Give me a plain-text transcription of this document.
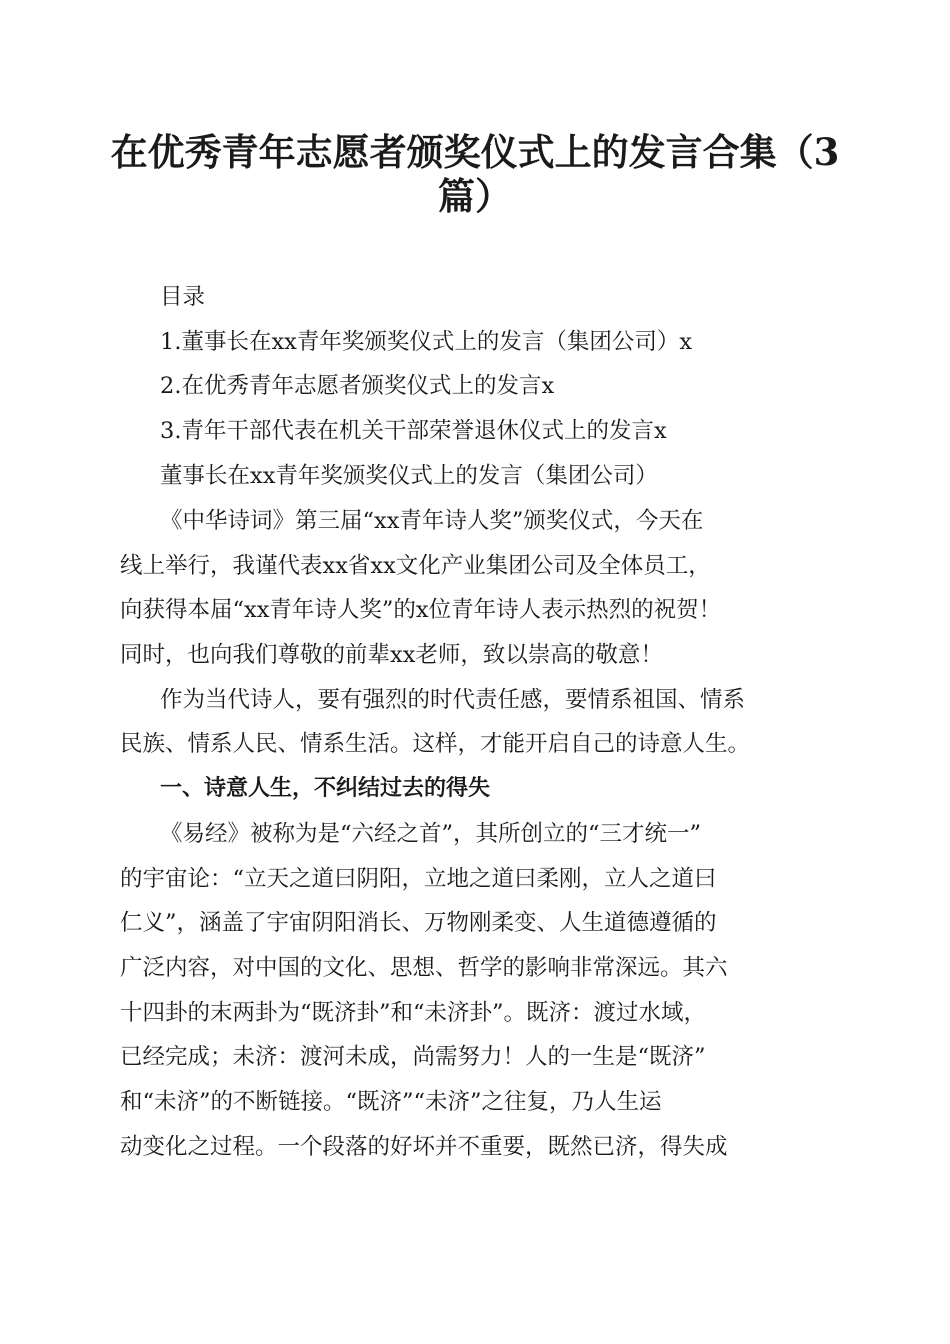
在优秀青年志愿者颁奖仪式上的发言合集（3
篇）
目录
1.董事长在xx青年奖颁奖仪式上的发言（集团公司）x
2.在优秀青年志愿者颁奖仪式上的发言x
3.青年干部代表在机关干部荣誉退休仪式上的发言x
董事长在xx青年奖颁奖仪式上的发言（集团公司）
《中华诗词》第三届“xx青年诗人奖”颁奖仪式，今天在
线上举行，我谨代表xx省xx文化产业集团公司及全体员工，
向获得本届“xx青年诗人奖”的x位青年诗人表示热烈的祝贺！
同时，也向我们尊敬的前辈xx老师，致以崇高的敬意！
作为当代诗人，要有强烈的时代责任感，要情系祖国、情系
民族、情系人民、情系生活。这样，才能开启自己的诗意人生。
一、诗意人生，不纠结过去的得失
《易经》被称为是“六经之首”，其所创立的“三才统一”
的宇宙论：“立天之道曰阴阳，立地之道曰柔刚，立人之道曰
仁义”，涵盖了宇宙阴阳消长、万物刚柔变、人生道德遵循的
广泛内容，对中国的文化、思想、哲学的影响非常深远。其六
十四卦的末两卦为“既济卦”和“未济卦”。既济：渡过水域，
已经完成；未济：渡河未成，尚需努力！人的一生是“既济”
和“未济”的不断链接。“既济”“未济”之往复，乃人生运
动变化之过程。一个段落的好坏并不重要，既然已济，得失成
